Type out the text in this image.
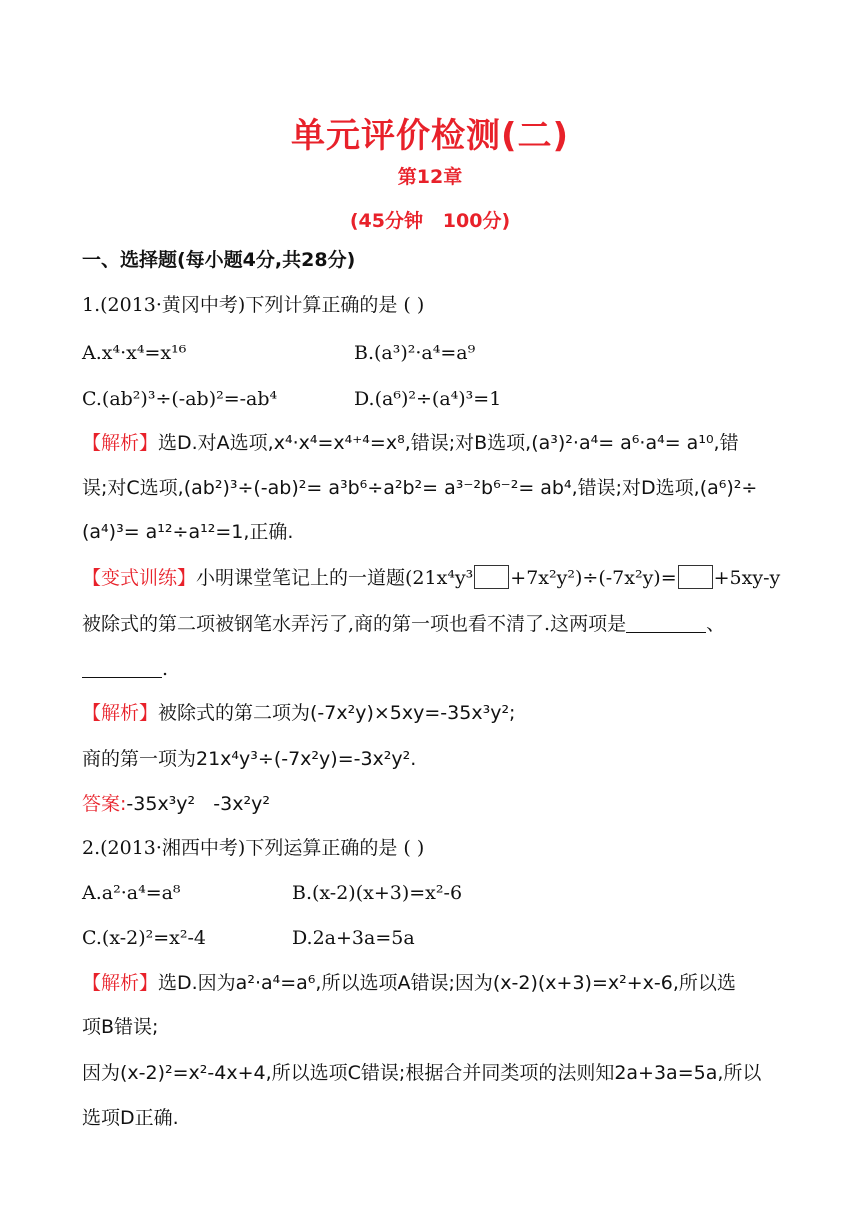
单元评价检测(二)
第12章
(45分钟   100分)
一、选择题(每小题4分,共28分)
1.(2013·黄冈中考)下列计算正确的是 ( )
A.x⁴·x⁴=x¹⁶	B.(a³)²·a⁴=a⁹
C.(ab²)³÷(-ab)²=-ab⁴	D.(a⁶)²÷(a⁴)³=1
【解析】选D.对A选项,x⁴·x⁴=x⁴⁺⁴=x⁸,错误;对B选项,(a³)²·a⁴= a⁶·a⁴= a¹⁰,错
误;对C选项,(ab²)³÷(-ab)²= a³b⁶÷a²b²= a³⁻²b⁶⁻²= ab⁴,错误;对D选项,(a⁶)²÷
(a⁴)³= a¹²÷a¹²=1,正确.
【变式训练】小明课堂笔记上的一道题(21x⁴y³ +7x²y²)÷(-7x²y)= +5xy-y
被除式的第二项被钢笔水弄污了,商的第一项也看不清了.这两项是	、
.
【解析】被除式的第二项为(-7x²y)×5xy=-35x³y²;
商的第一项为21x⁴y³÷(-7x²y)=-3x²y².
答案:-35x³y²   -3x²y²
2.(2013·湘西中考)下列运算正确的是 ( )
A.a²·a⁴=a⁸	B.(x-2)(x+3)=x²-6
C.(x-2)²=x²-4	D.2a+3a=5a
【解析】选D.因为a²·a⁴=a⁶,所以选项A错误;因为(x-2)(x+3)=x²+x-6,所以选
项B错误;
因为(x-2)²=x²-4x+4,所以选项C错误;根据合并同类项的法则知2a+3a=5a,所以
选项D正确.
